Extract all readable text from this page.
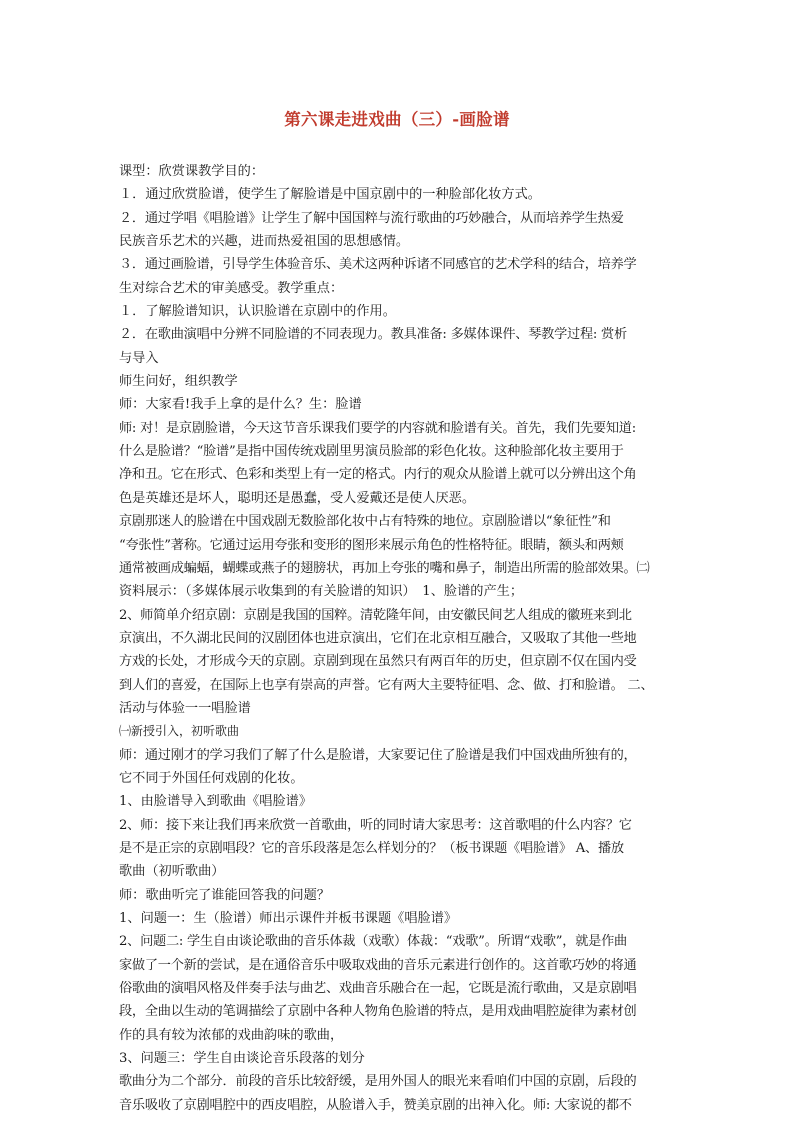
第六课走进戏曲（三）-画脸谱
课型：欣赏课教学目的：
１．通过欣赏脸谱，使学生了解脸谱是中国京剧中的一种脸部化妆方式。
２．通过学唱《唱脸谱》让学生了解中国国粹与流行歌曲的巧妙融合，从而培养学生热爱
民族音乐艺术的兴趣，进而热爱祖国的思想感情。
３．通过画脸谱，引导学生体验音乐、美术这两种诉诸不同感官的艺术学科的结合，培养学
生对综合艺术的审美感受。教学重点：
１．了解脸谱知识，认识脸谱在京剧中的作用。
２．在歌曲演唱中分辨不同脸谱的不同表现力。教具准备: 多媒体课件、琴教学过程: 赏析
与导入
师生问好，组织教学
师：大家看!我手上拿的是什么？生：脸谱
师: 对！是京剧脸谱，今天这节音乐课我们要学的内容就和脸谱有关。首先，我们先要知道:
什么是脸谱？“脸谱”是指中国传统戏剧里男演员脸部的彩色化妆。这种脸部化妆主要用于
净和丑。它在形式、色彩和类型上有一定的格式。内行的观众从脸谱上就可以分辨出这个角
色是英雄还是坏人，聪明还是愚蠢，受人爱戴还是使人厌恶。
京剧那迷人的脸谱在中国戏剧无数脸部化妆中占有特殊的地位。京剧脸谱以“象征性”和
“夸张性”著称。它通过运用夸张和变形的图形来展示角色的性格特征。眼睛，额头和两颊
通常被画成蝙蝠，蝴蝶或燕子的翅膀状，再加上夸张的嘴和鼻子，制造出所需的脸部效果。㈡
资料展示：（多媒体展示收集到的有关脸谱的知识）　1、脸谱的产生；
2、师简单介绍京剧：京剧是我国的国粹。清乾隆年间，由安徽民间艺人组成的徽班来到北
京演出，不久湖北民间的汉剧团体也进京演出，它们在北京相互融合，又吸取了其他一些地
方戏的长处，才形成今天的京剧。京剧到现在虽然只有两百年的历史，但京剧不仅在国内受
到人们的喜爱，在国际上也享有崇高的声誉。它有两大主要特征唱、念、做、打和脸谱。 二、
活动与体验一一唱脸谱
㈠新授引入，初听歌曲
师：通过刚才的学习我们了解了什么是脸谱，大家要记住了脸谱是我们中国戏曲所独有的，
它不同于外国任何戏剧的化妆。
1、由脸谱导入到歌曲《唱脸谱》
2、师：接下来让我们再来欣赏一首歌曲，听的同时请大家思考：这首歌唱的什么内容？它
是不是正宗的京剧唱段？它的音乐段落是怎么样划分的？（板书课题《唱脸谱》 A、播放
歌曲（初听歌曲）
师：歌曲听完了谁能回答我的问题？
1、问题一：生（脸谱）师出示课件并板书课题《唱脸谱》
2、问题二: 学生自由谈论歌曲的音乐体裁（戏歌）体裁：“戏歌”。所谓“戏歌”，就是作曲
家做了一个新的尝试，是在通俗音乐中吸取戏曲的音乐元素进行创作的。这首歌巧妙的将通
俗歌曲的演唱风格及伴奏手法与曲艺、戏曲音乐融合在一起，它既是流行歌曲，又是京剧唱
段，全曲以生动的笔调描绘了京剧中各种人物角色脸谱的特点，是用戏曲唱腔旋律为素材创
作的具有较为浓郁的戏曲韵味的歌曲，
3、问题三：学生自由谈论音乐段落的划分
歌曲分为二个部分．前段的音乐比较舒缓，是用外国人的眼光来看咱们中国的京剧，后段的
音乐吸收了京剧唱腔中的西皮唱腔，从脸谱入手，赞美京剧的出神入化。师: 大家说的都不
